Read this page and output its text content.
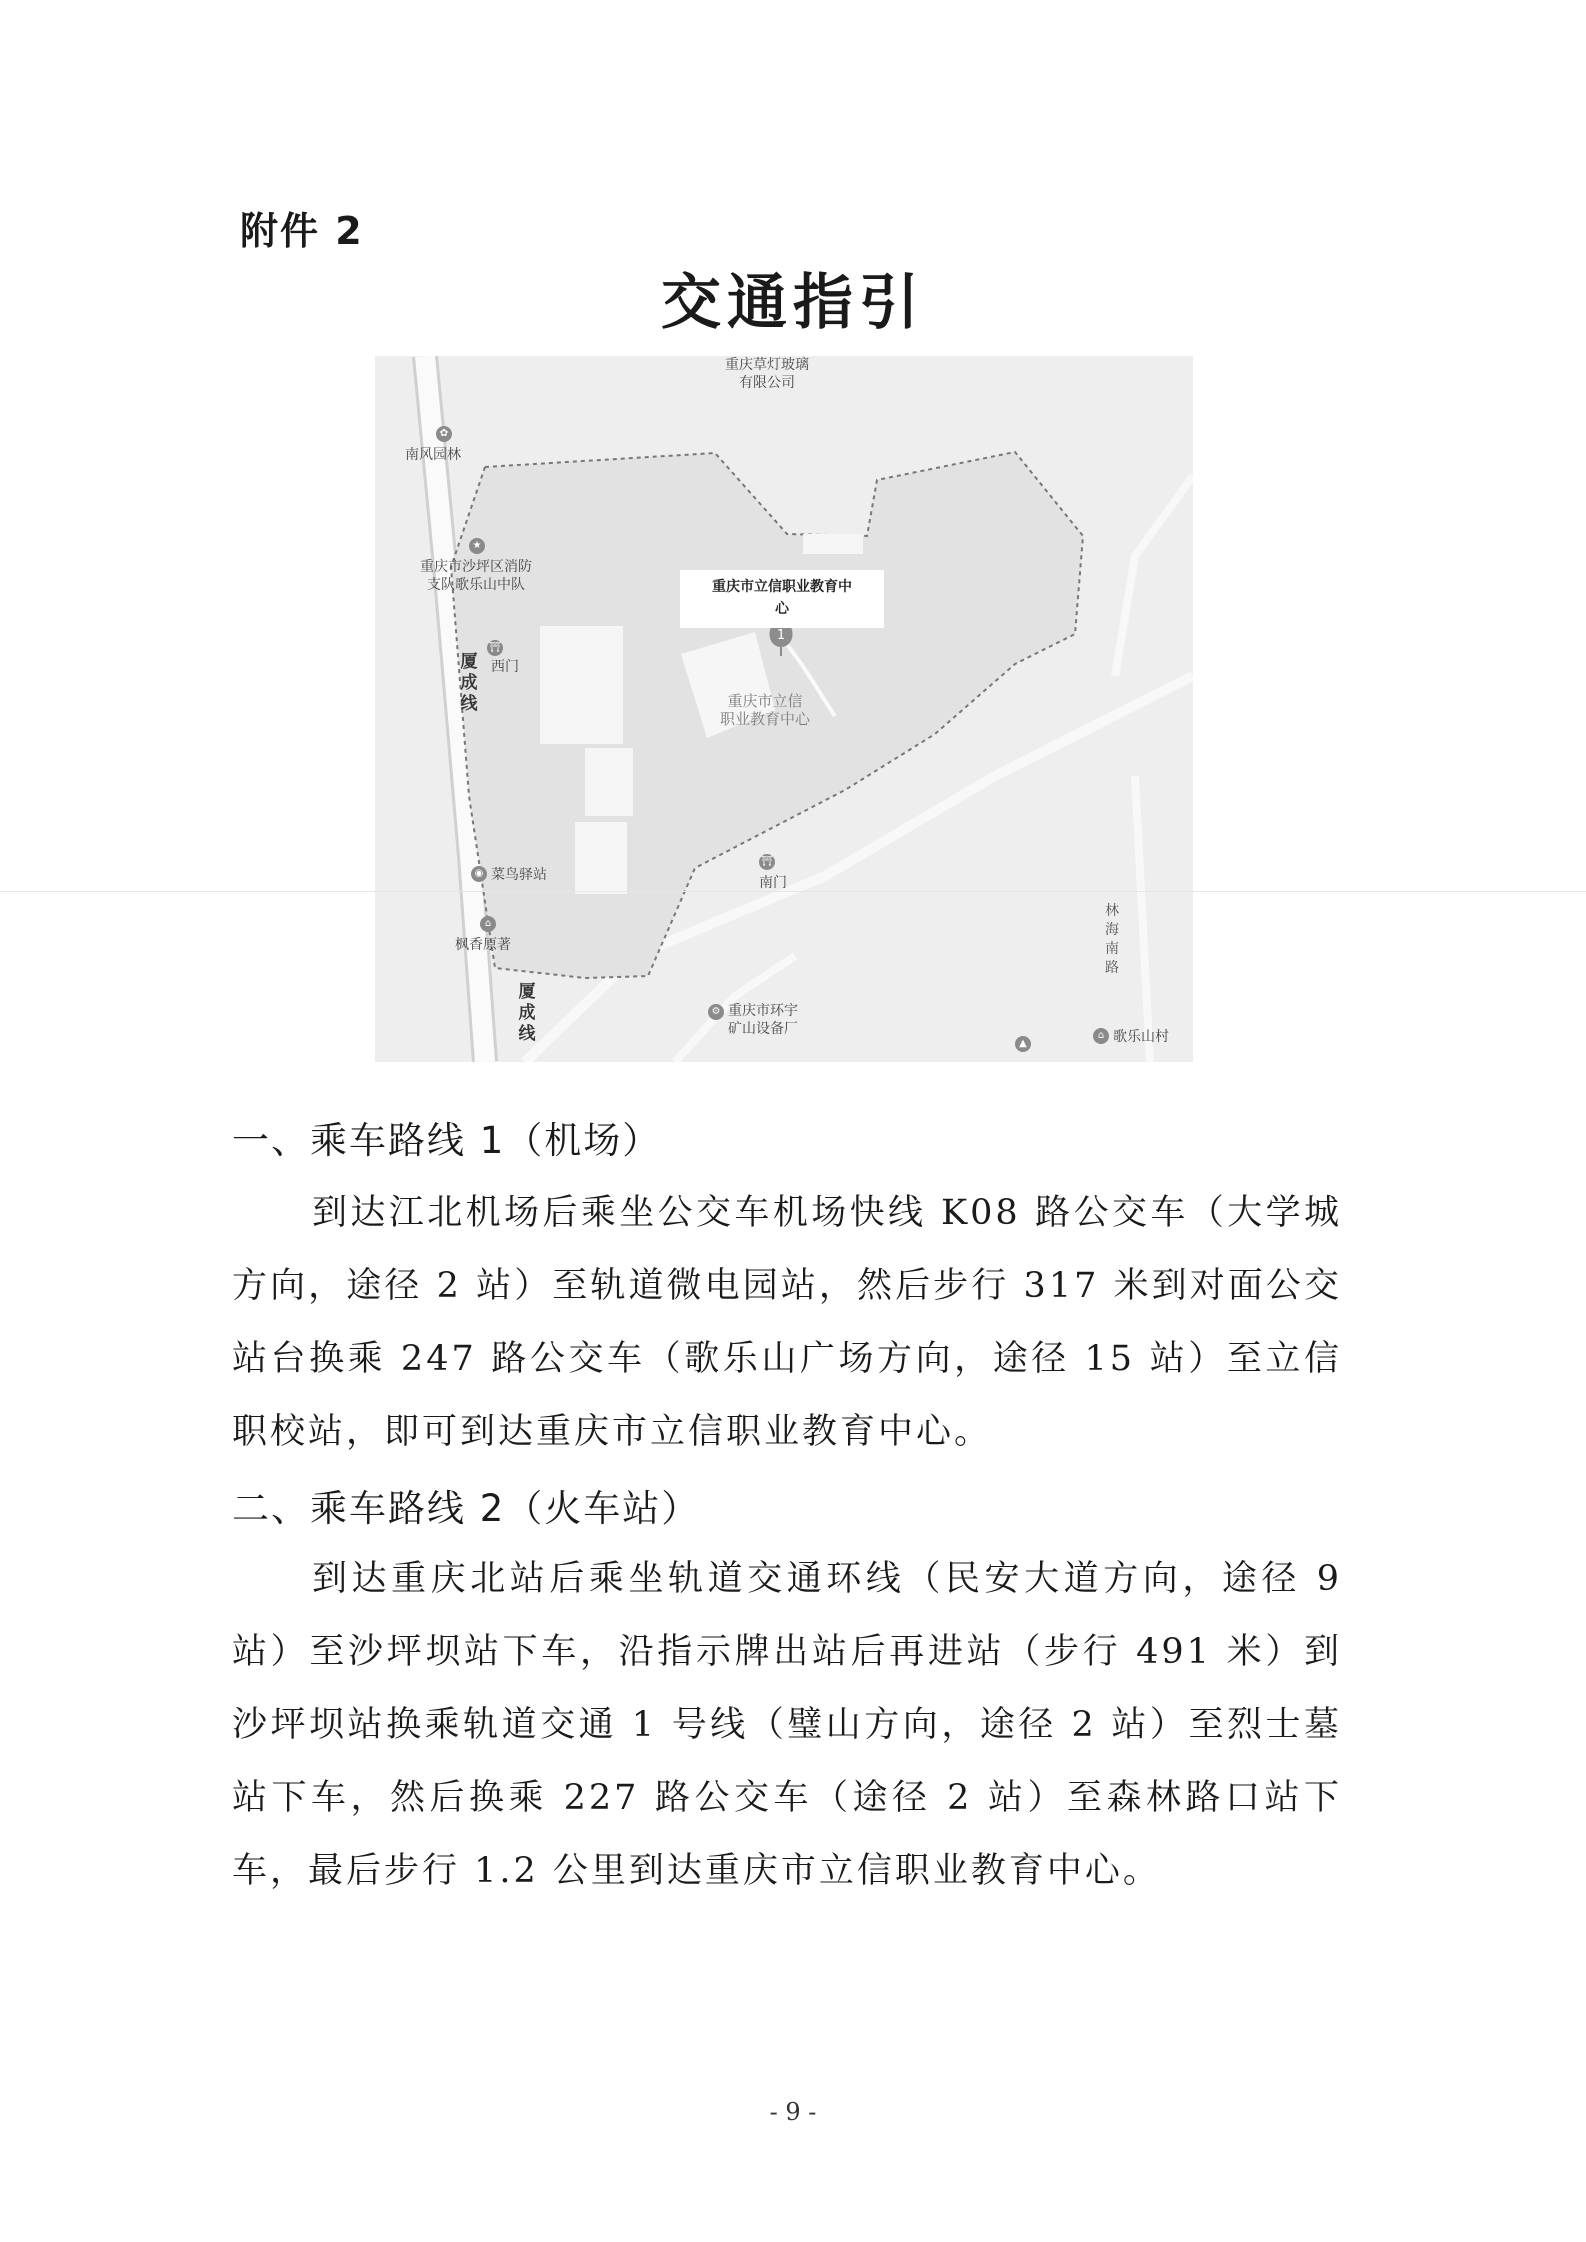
附件 2
交通指引
1
重庆草灯玻璃
有限公司
✿
南风园林
★
重庆市沙坪区消防
支队歌乐山中队	重庆市立信职业教育中
心
重庆市立信
职业教育中心
⛩
西门
⛩
南门
厦成线
厦成线
林海南路
◉ 菜鸟驿站
⌂
枫香原著
⚙ 重庆市环宇
矿山设备厂
▲
⌂ 歌乐山村
一、乘车路线 1（机场）
到达江北机场后乘坐公交车机场快线 K08 路公交车（大学城方向，途径 2 站）至轨道微电园站，然后步行 317 米到对面公交站台换乘 247 路公交车（歌乐山广场方向，途径 15 站）至立信职校站，即可到达重庆市立信职业教育中心。
二、乘车路线 2（火车站）
到达重庆北站后乘坐轨道交通环线（民安大道方向，途径 9 站）至沙坪坝站下车，沿指示牌出站后再进站（步行 491 米）到沙坪坝站换乘轨道交通 1 号线（璧山方向，途径 2 站）至烈士墓站下车，然后换乘 227 路公交车（途径 2 站）至森林路口站下车，最后步行 1.2 公里到达重庆市立信职业教育中心。
- 9 -
